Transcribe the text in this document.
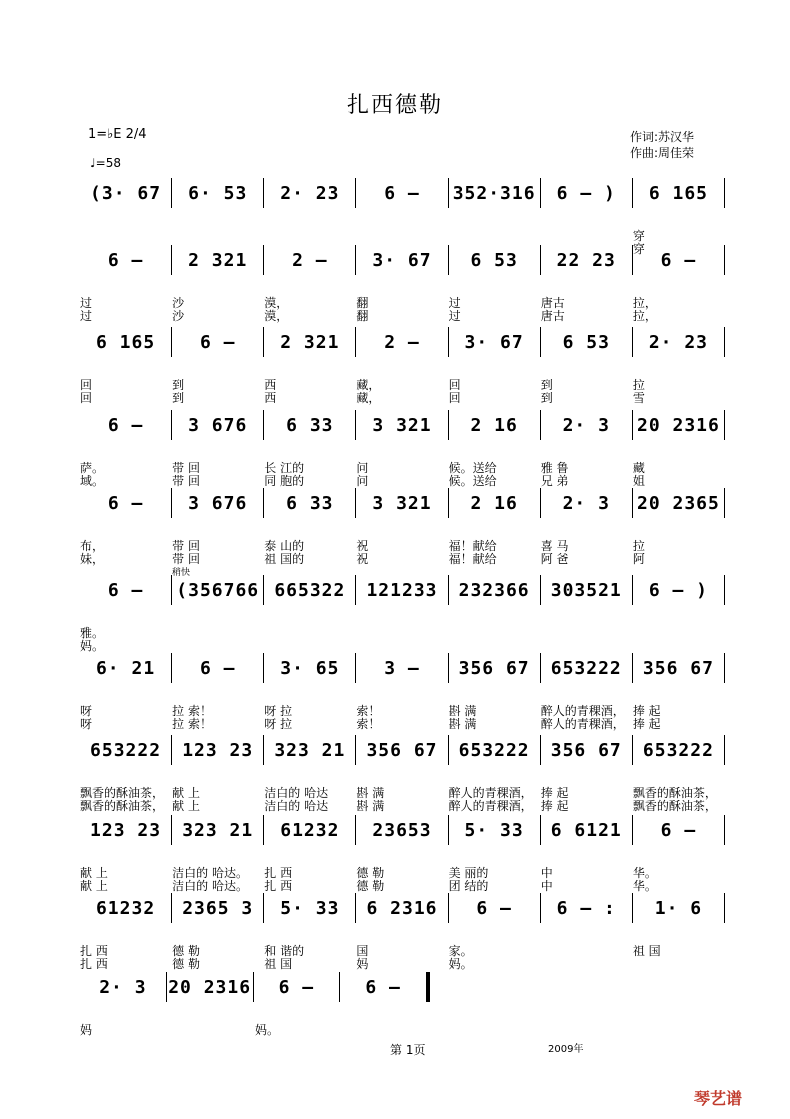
扎西德勒
1=♭E 2/4
♩=58
作词:苏汉华
作曲:周佳荣
稍快
(3· 67	6· 53	2· 23	6 –	352·316	6 – )	6 165
穿
穿
6 –	2 321	2 –	3· 67	6 53	22 23	6 –
过	沙	漠，	翻	过	唐古	拉，
过	沙	漠，	翻	过	唐古	拉，
6 165	6 –	2 321	2 –	3· 67	6 53	2· 23
回	到	西	藏，	回	到	拉
回	到	西	藏，	回	到	雪
6 –	3 676	6 33	3 321	2 16	2· 3	20 2316
萨。	带 回	长 江的	问	候。送给	雅 鲁	藏
域。	带 回	同 胞的	问	候。送给	兄 弟	姐
6 –	3 676	6 33	3 321	2 16	2· 3	20 2365
布，	带 回	泰 山的	祝	福！献给	喜 马	拉
妹，	带 回	祖 国的	祝	福！献给	阿 爸	阿
6 –	(356766 665322	121233	232366	303521	6 – )
雅。
妈。
6· 21	6 –	3· 65	3 –	356 67	653222	356 67
呀	拉 索！	呀 拉	索！	斟 满	醉人的青稞酒， 捧 起
呀	拉 索！	呀 拉	索！	斟 满	醉人的青稞酒， 捧 起
653222	123 23	323 21	356 67	653222	356 67	653222
飘香的酥油茶， 献 上	洁白的 哈达	斟 满	醉人的青稞酒， 捧 起	飘香的酥油茶，
飘香的酥油茶， 献 上	洁白的 哈达	斟 满	醉人的青稞酒， 捧 起	飘香的酥油茶，
123 23	323 21	61232	23653	5· 33	6 6121	6 –
献 上	洁白的 哈达。	扎 西	德 勒	美 丽的	中	华。
献 上	洁白的 哈达。	扎 西	德 勒	团 结的	中	华。
61232	2365 3	5· 33	6 2316	6 –	6 – :	1· 6
扎 西	德 勒	和 谐的	国	家。	祖 国
扎 西	德 勒	祖 国	妈	妈。
2· 3	20 2316	6 –	6 –
妈	妈。
第 1页	2009年
琴艺谱
